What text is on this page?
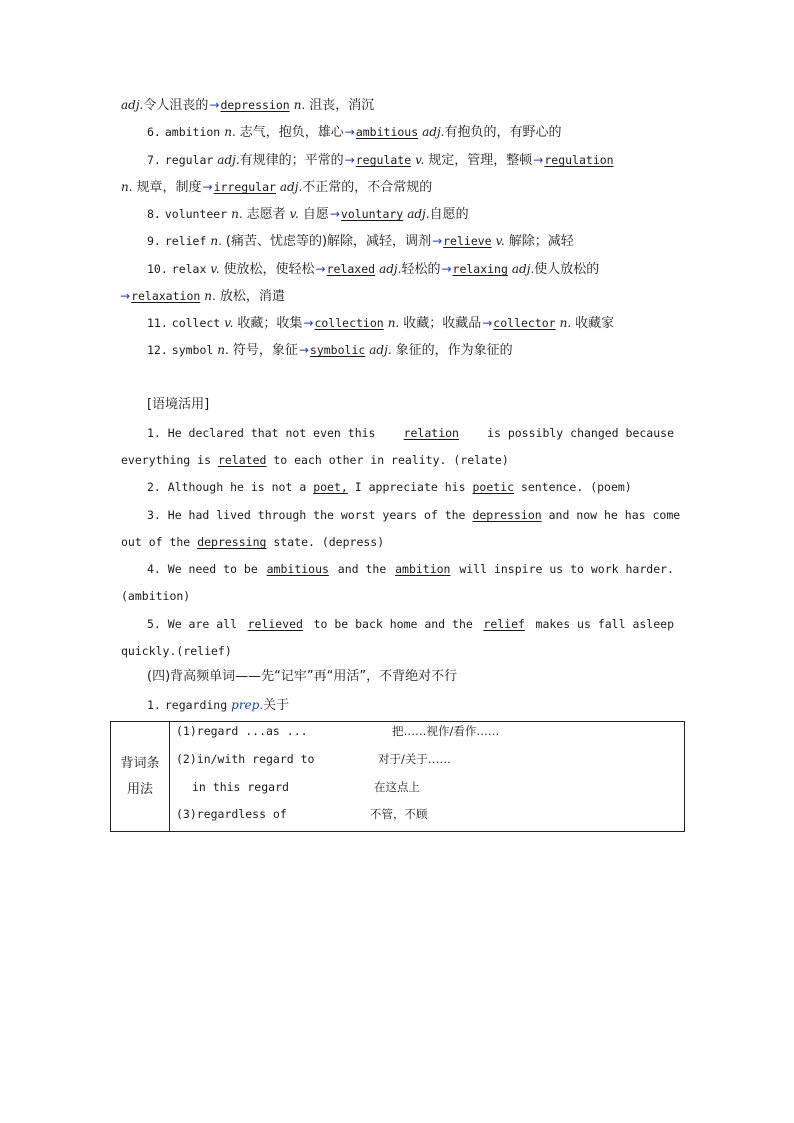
adj.令人沮丧的→depression n. 沮丧，消沉
6. ambition n. 志气，抱负，雄心→ambitious adj.有抱负的，有野心的
7. regular adj.有规律的；平常的→regulate v. 规定，管理，整顿→regulation
n. 规章，制度→irregular adj.不正常的，不合常规的
8. volunteer n. 志愿者 v. 自愿→voluntary adj.自愿的
9. relief n. (痛苦、忧虑等的)解除，减轻，调剂→relieve v. 解除；减轻
10. relax v. 使放松，使轻松→relaxed adj.轻松的→relaxing adj.使人放松的
→relaxation n. 放松，消遣
11. collect v. 收藏；收集→collection n. 收藏；收藏品→collector n. 收藏家
12. symbol n. 符号，象征→symbolic adj. 象征的，作为象征的
[语境活用]
1. He declared that not even this relation is possibly changed because
everything is related to each other in reality. (relate)
2. Although he is not a poet, I appreciate his poetic sentence. (poem)
3. He had lived through the worst years of the depression and now he has come
out of the depressing state. (depress)
4. We need to be ambitious and the ambition will inspire us to work harder.
(ambition)
5. We are all relieved to be back home and the relief makes us fall asleep
quickly.(relief)
(四)背高频单词——先“记牢”再“用活”，不背绝对不行
1. regarding prep.关于
背词条
用法

(1)regard ...as ...	把……视作/看作……
(2)in/with regard to	对于/关于……
in this regard	在这点上
(3)regardless of	不管，不顾
